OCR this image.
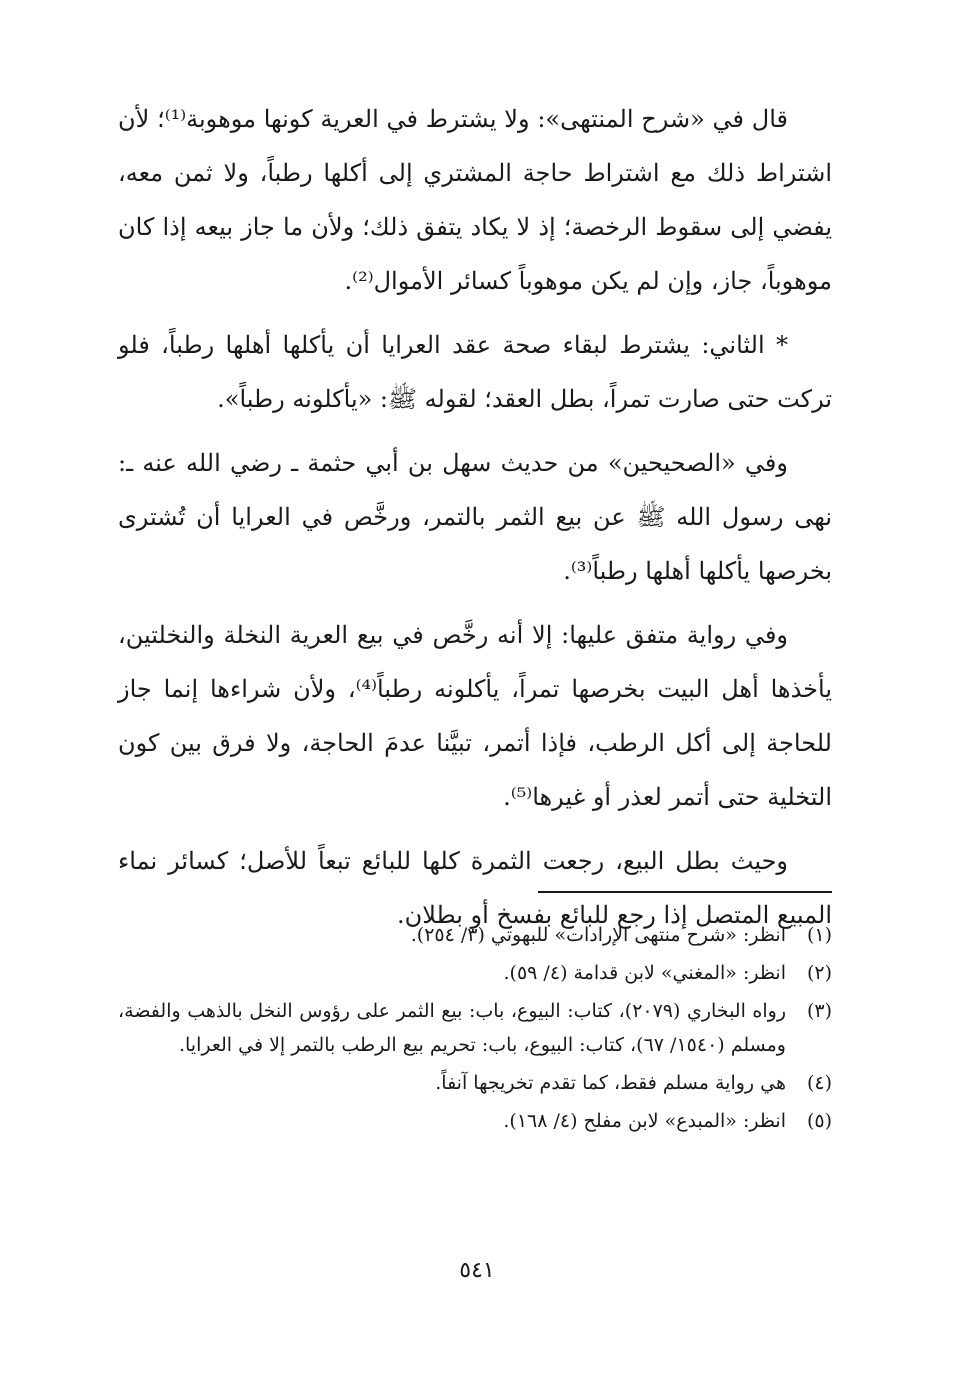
قال في «شرح المنتهى»: ولا يشترط في العرية كونها موهوبة⁽¹⁾؛ لأن اشتراط ذلك مع اشتراط حاجة المشتري إلى أكلها رطباً، ولا ثمن معه، يفضي إلى سقوط الرخصة؛ إذ لا يكاد يتفق ذلك؛ ولأن ما جاز بيعه إذا كان موهوباً، جاز، وإن لم يكن موهوباً كسائر الأموال⁽²⁾.

* الثاني: يشترط لبقاء صحة عقد العرايا أن يأكلها أهلها رطباً، فلو تركت حتى صارت تمراً، بطل العقد؛ لقوله ﷺ: «يأكلونه رطباً».

وفي «الصحيحين» من حديث سهل بن أبي حثمة ـ رضي الله عنه ـ: نهى رسول الله ﷺ عن بيع الثمر بالتمر، ورخَّص في العرايا أن تُشترى بخرصها يأكلها أهلها رطباً⁽³⁾.

وفي رواية متفق عليها: إلا أنه رخَّص في بيع العرية النخلة والنخلتين، يأخذها أهل البيت بخرصها تمراً، يأكلونه رطباً⁽⁴⁾، ولأن شراءها إنما جاز للحاجة إلى أكل الرطب، فإذا أتمر، تبيَّنا عدمَ الحاجة، ولا فرق بين كون التخلية حتى أتمر لعذر أو غيرها⁽⁵⁾.

وحيث بطل البيع، رجعت الثمرة كلها للبائع تبعاً للأصل؛ كسائر نماء المبيع المتصل إذا رجع للبائع بفسخ أو بطلان.

(١)
انظر: «شرح منتهى الإرادات» للبهوتي (٣/ ٢٥٤).
(٢)
انظر: «المغني» لابن قدامة (٤/ ٥٩).
(٣)
رواه البخاري (٢٠٧٩)، كتاب: البيوع، باب: بيع الثمر على رؤوس النخل بالذهب والفضة، ومسلم (١٥٤٠/ ٦٧)، كتاب: البيوع، باب: تحريم بيع الرطب بالتمر إلا في العرايا.
(٤)
هي رواية مسلم فقط، كما تقدم تخريجها آنفاً.
(٥)
انظر: «المبدع» لابن مفلح (٤/ ١٦٨).
٥٤١
